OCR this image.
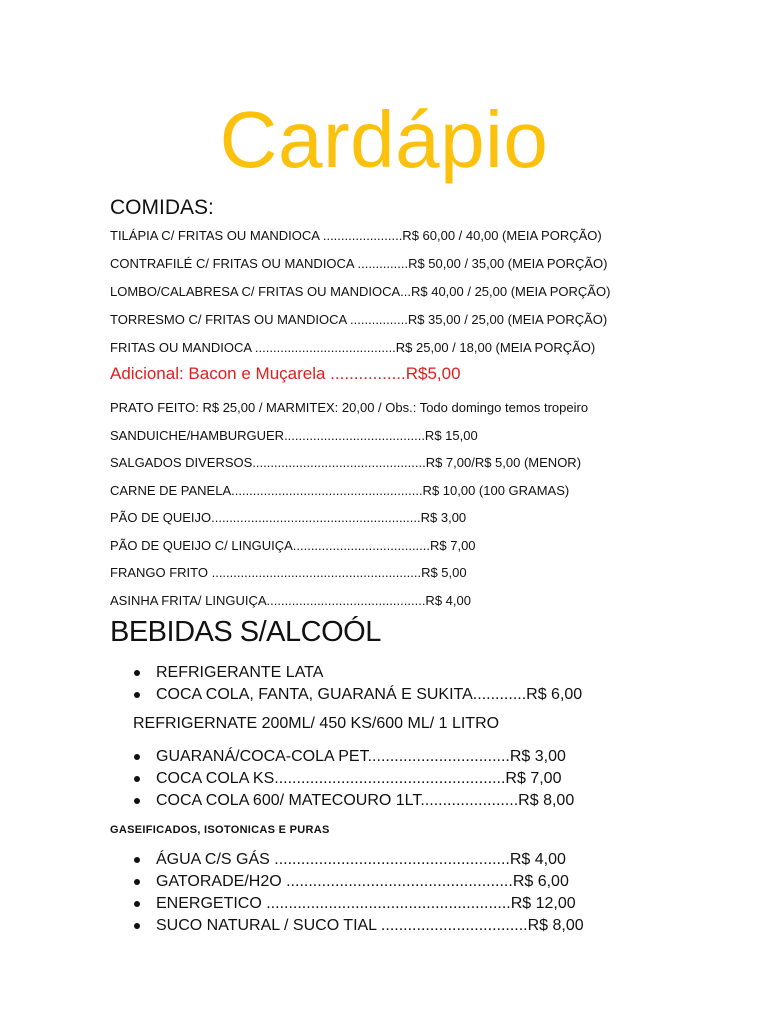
Cardápio
COMIDAS:
TILÁPIA C/ FRITAS OU MANDIOCA ......................R$ 60,00 / 40,00 (MEIA PORÇÃO)
CONTRAFILÉ C/ FRITAS OU MANDIOCA ..............R$ 50,00 / 35,00 (MEIA PORÇÃO)
LOMBO/CALABRESA C/ FRITAS OU MANDIOCA...R$ 40,00 / 25,00 (MEIA PORÇÃO)
TORRESMO C/ FRITAS OU MANDIOCA ................R$ 35,00 / 25,00 (MEIA PORÇÃO)
FRITAS OU MANDIOCA .......................................R$ 25,00 / 18,00 (MEIA PORÇÃO)
Adicional: Bacon e Muçarela ................R$5,00
PRATO FEITO: R$ 25,00 / MARMITEX: 20,00 / Obs.: Todo domingo temos tropeiro
SANDUICHE/HAMBURGUER.......................................R$ 15,00
SALGADOS DIVERSOS................................................R$ 7,00/R$ 5,00 (MENOR)
CARNE DE PANELA.....................................................R$ 10,00 (100 GRAMAS)
PÃO DE QUEIJO..........................................................R$ 3,00
PÃO DE QUEIJO C/ LINGUIÇA......................................R$ 7,00
FRANGO FRITO ..........................................................R$ 5,00
ASINHA FRITA/ LINGUIÇA............................................R$ 4,00
BEBIDAS S/ALCOÓL
REFRIGERANTE LATA
COCA COLA, FANTA, GUARANÁ E SUKITA............R$ 6,00
REFRIGERNATE 200ML/ 450 KS/600 ML/ 1 LITRO
GUARANÁ/COCA-COLA PET................................R$ 3,00
COCA COLA KS....................................................R$ 7,00
COCA COLA 600/ MATECOURO 1LT......................R$ 8,00
GASEIFICADOS, ISOTONICAS E PURAS
ÁGUA C/S GÁS .....................................................R$ 4,00
GATORADE/H2O ...................................................R$ 6,00
ENERGETICO .......................................................R$ 12,00
SUCO NATURAL / SUCO TIAL .................................R$ 8,00
